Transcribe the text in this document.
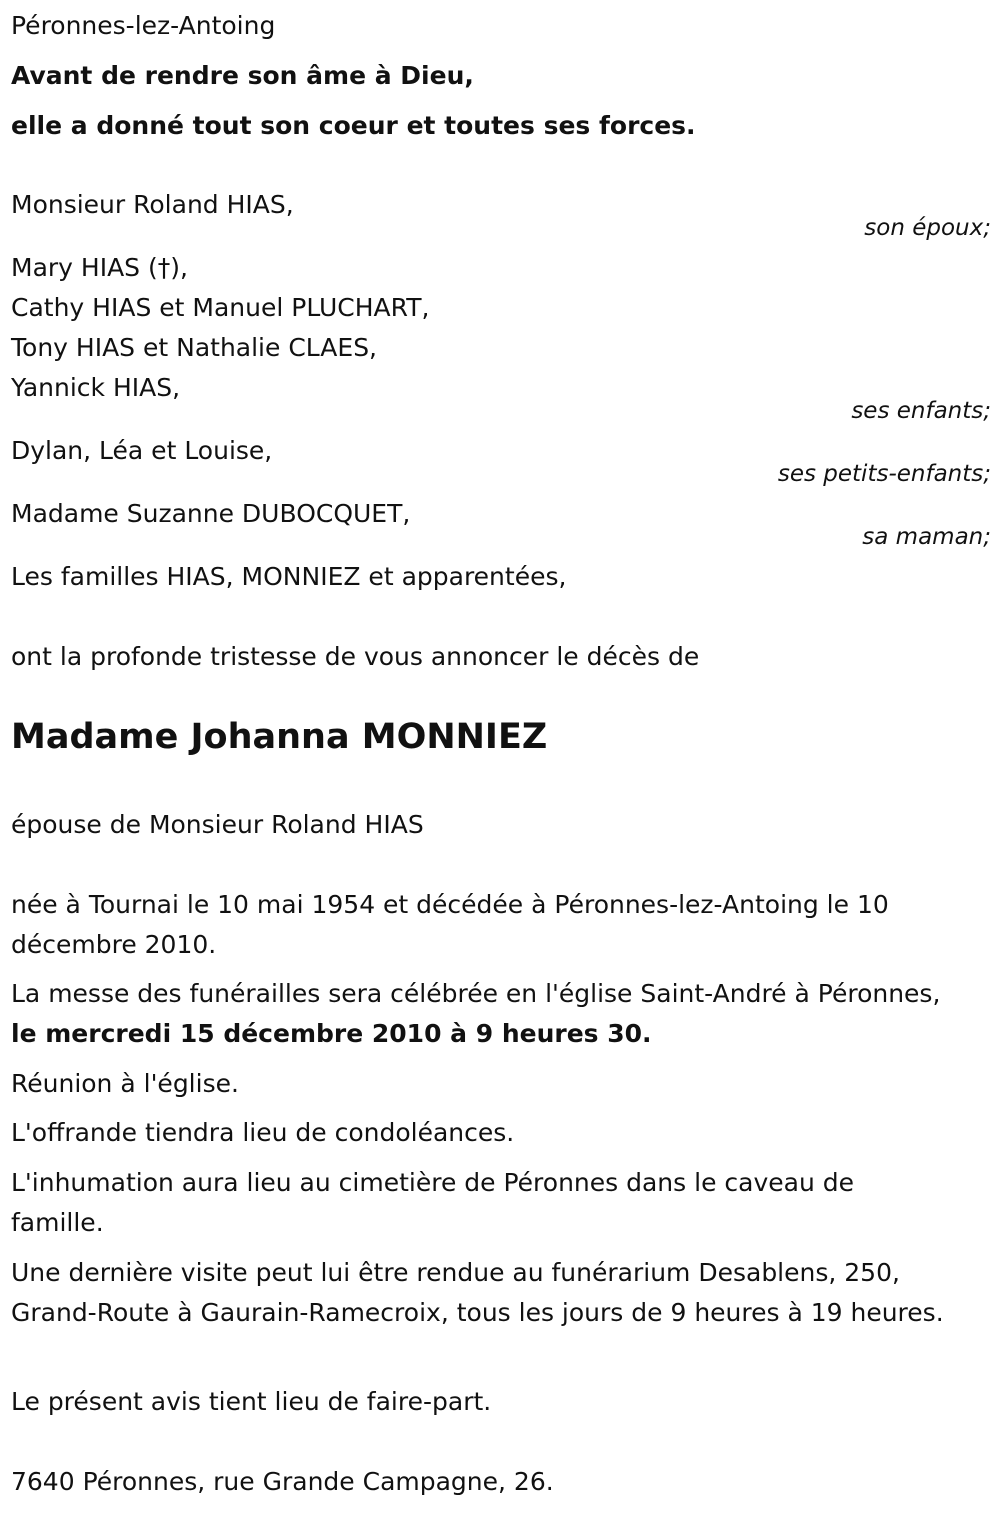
Péronnes-lez-Antoing
Avant de rendre son âme à Dieu,
elle a donné tout son coeur et toutes ses forces.
Monsieur Roland HIAS,
son époux;
Mary HIAS (†),
Cathy HIAS et Manuel PLUCHART,
Tony HIAS et Nathalie CLAES,
Yannick HIAS,
ses enfants;
Dylan, Léa et Louise,
ses petits-enfants;
Madame Suzanne DUBOCQUET,
sa maman;
Les familles HIAS, MONNIEZ et apparentées,
ont la profonde tristesse de vous annoncer le décès de
Madame Johanna MONNIEZ
épouse de Monsieur Roland HIAS
née à Tournai le 10 mai 1954 et décédée à Péronnes-lez-Antoing le 10 décembre 2010.
La messe des funérailles sera célébrée en l'église Saint-André à Péronnes,
le mercredi 15 décembre 2010 à 9 heures 30.
Réunion à l'église.
L'offrande tiendra lieu de condoléances.
L'inhumation aura lieu au cimetière de Péronnes dans le caveau de famille.
Une dernière visite peut lui être rendue au funérarium Desablens, 250, Grand-Route à Gaurain-Ramecroix, tous les jours de 9 heures à 19 heures.
Le présent avis tient lieu de faire-part.
7640 Péronnes, rue Grande Campagne, 26.
